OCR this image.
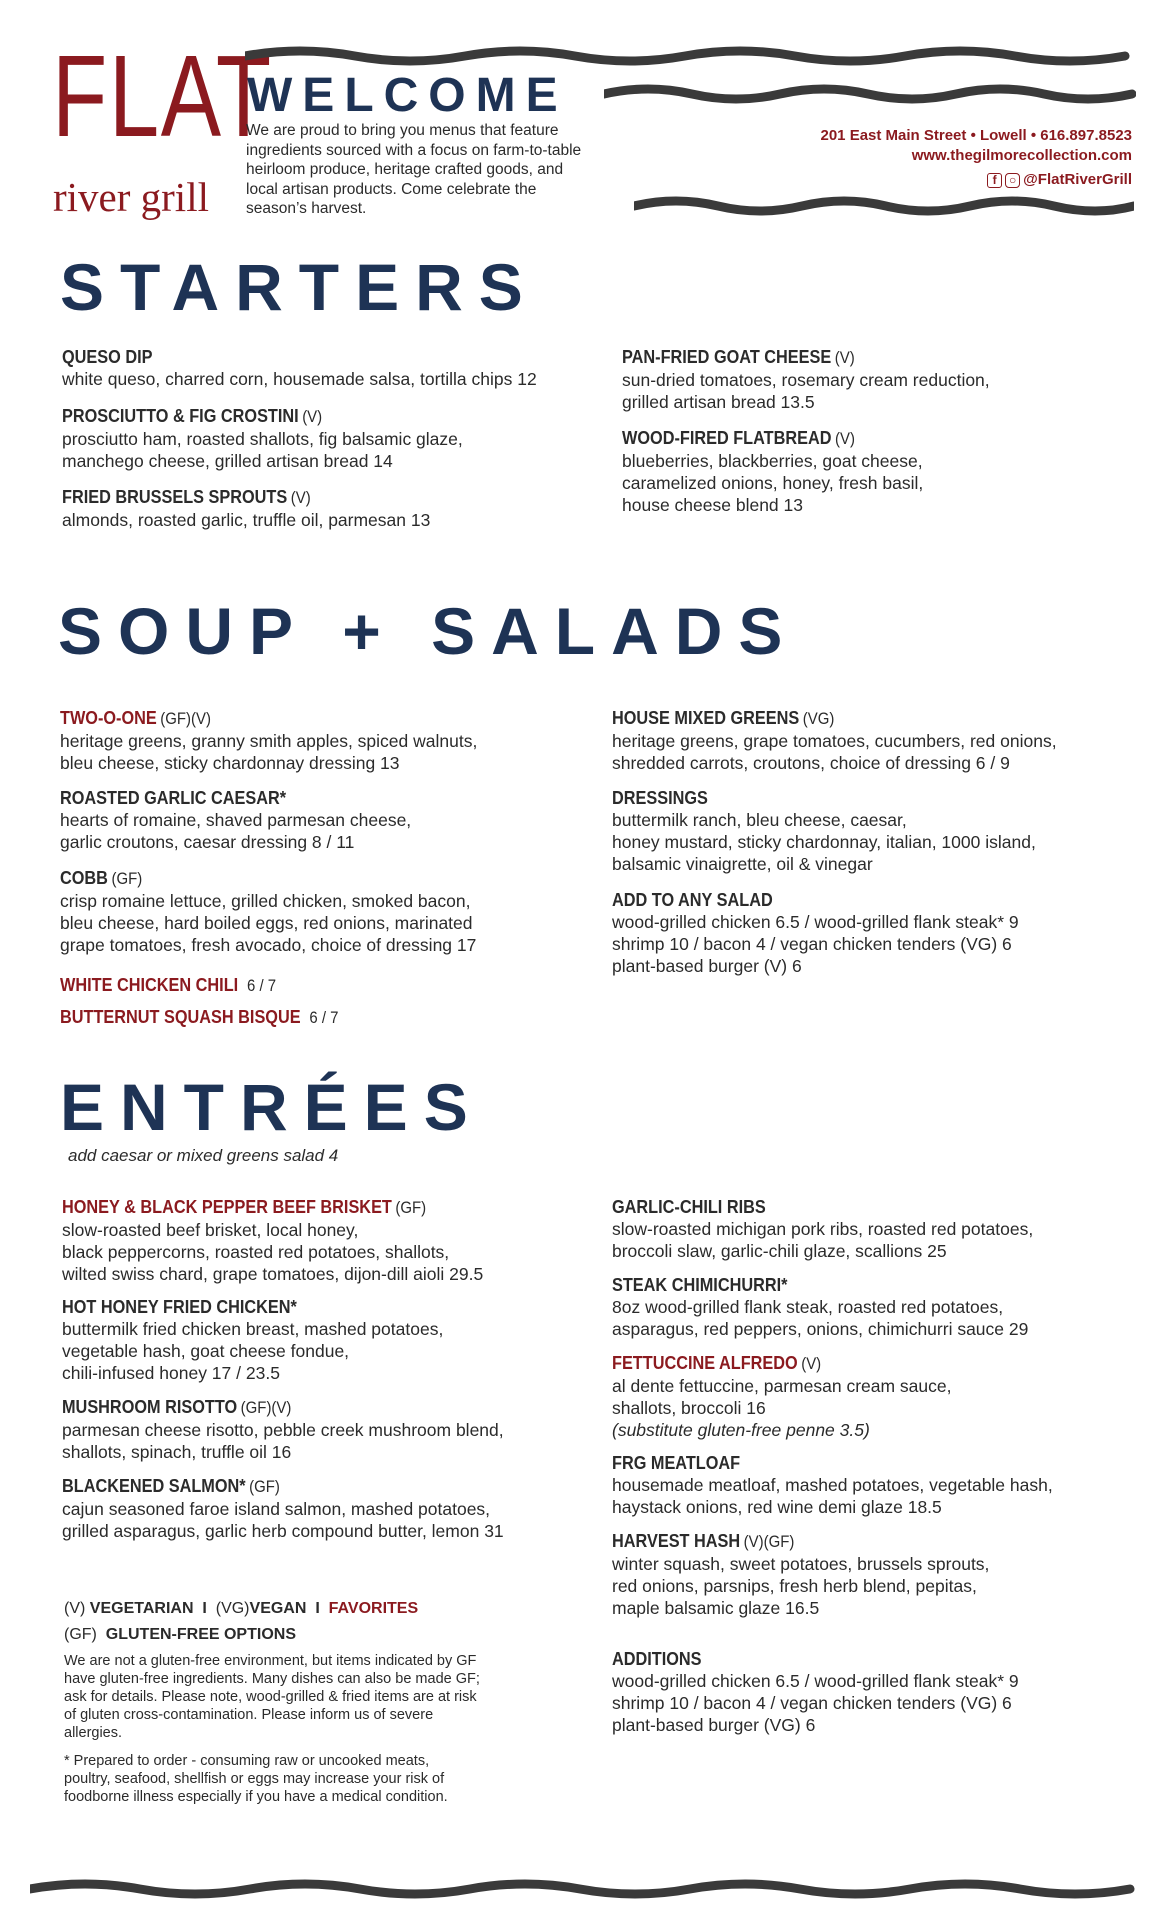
FLAT
river grill
WELCOME
We are proud to bring you menus that feature
ingredients sourced with a focus on farm-to-table
heirloom produce, heritage crafted goods, and
local artisan products. Come celebrate the
season’s harvest.
201 East Main Street • Lowell • 616.897.8523
www.thegilmorecollection.com
f ○ @FlatRiverGrill
STARTERS
QUESO DIP
white queso, charred corn, housemade salsa, tortilla chips 12
PROSCIUTTO & FIG CROSTINI (V)
prosciutto ham, roasted shallots, fig balsamic glaze,
manchego cheese, grilled artisan bread 14
FRIED BRUSSELS SPROUTS (V)
almonds, roasted garlic, truffle oil, parmesan 13
PAN-FRIED GOAT CHEESE (V)
sun-dried tomatoes, rosemary cream reduction,
grilled artisan bread 13.5
WOOD-FIRED FLATBREAD (V)
blueberries, blackberries, goat cheese,
caramelized onions, honey, fresh basil,
house cheese blend 13
SOUP + SALADS
TWO-O-ONE (GF)(V)
heritage greens, granny smith apples, spiced walnuts,
bleu cheese, sticky chardonnay dressing 13
ROASTED GARLIC CAESAR*
hearts of romaine, shaved parmesan cheese,
garlic croutons, caesar dressing 8 / 11
COBB (GF)
crisp romaine lettuce, grilled chicken, smoked bacon,
bleu cheese, hard boiled eggs, red onions, marinated
grape tomatoes, fresh avocado, choice of dressing 17
WHITE CHICKEN CHILI 6 / 7
BUTTERNUT SQUASH BISQUE 6 / 7
HOUSE MIXED GREENS (VG)
heritage greens, grape tomatoes, cucumbers, red onions,
shredded carrots, croutons, choice of dressing 6 / 9
DRESSINGS
buttermilk ranch, bleu cheese, caesar,
honey mustard, sticky chardonnay, italian, 1000 island,
balsamic vinaigrette, oil & vinegar
ADD TO ANY SALAD
wood-grilled chicken 6.5 / wood-grilled flank steak* 9
shrimp 10 / bacon 4 / vegan chicken tenders (VG) 6
plant-based burger (V) 6
ENTRÉES
add caesar or mixed greens salad 4
HONEY & BLACK PEPPER BEEF BRISKET (GF)
slow-roasted beef brisket, local honey,
black peppercorns, roasted red potatoes, shallots,
wilted swiss chard, grape tomatoes, dijon-dill aioli 29.5
HOT HONEY FRIED CHICKEN*
buttermilk fried chicken breast, mashed potatoes,
vegetable hash, goat cheese fondue,
chili-infused honey 17 / 23.5
MUSHROOM RISOTTO (GF)(V)
parmesan cheese risotto, pebble creek mushroom blend,
shallots, spinach, truffle oil 16
BLACKENED SALMON* (GF)
cajun seasoned faroe island salmon, mashed potatoes,
grilled asparagus, garlic herb compound butter, lemon 31
GARLIC-CHILI RIBS
slow-roasted michigan pork ribs, roasted red potatoes,
broccoli slaw, garlic-chili glaze, scallions 25
STEAK CHIMICHURRI*
8oz wood-grilled flank steak, roasted red potatoes,
asparagus, red peppers, onions, chimichurri sauce 29
FETTUCCINE ALFREDO (V)
al dente fettuccine, parmesan cream sauce,
shallots, broccoli 16
(substitute gluten-free penne 3.5)
FRG MEATLOAF
housemade meatloaf, mashed potatoes, vegetable hash,
haystack onions, red wine demi glaze 18.5
HARVEST HASH (V)(GF)
winter squash, sweet potatoes, brussels sprouts,
red onions, parsnips, fresh herb blend, pepitas,
maple balsamic glaze 16.5
ADDITIONS
wood-grilled chicken 6.5 / wood-grilled flank steak* 9
shrimp 10 / bacon 4 / vegan chicken tenders (VG) 6
plant-based burger (VG) 6
(V) VEGETARIAN I (VG)VEGAN I FAVORITES
(GF) GLUTEN-FREE OPTIONS
We are not a gluten-free environment, but items indicated by GF
have gluten-free ingredients. Many dishes can also be made GF;
ask for details. Please note, wood-grilled & fried items are at risk
of gluten cross-contamination. Please inform us of severe
allergies.
* Prepared to order - consuming raw or uncooked meats,
poultry, seafood, shellfish or eggs may increase your risk of
foodborne illness especially if you have a medical condition.
